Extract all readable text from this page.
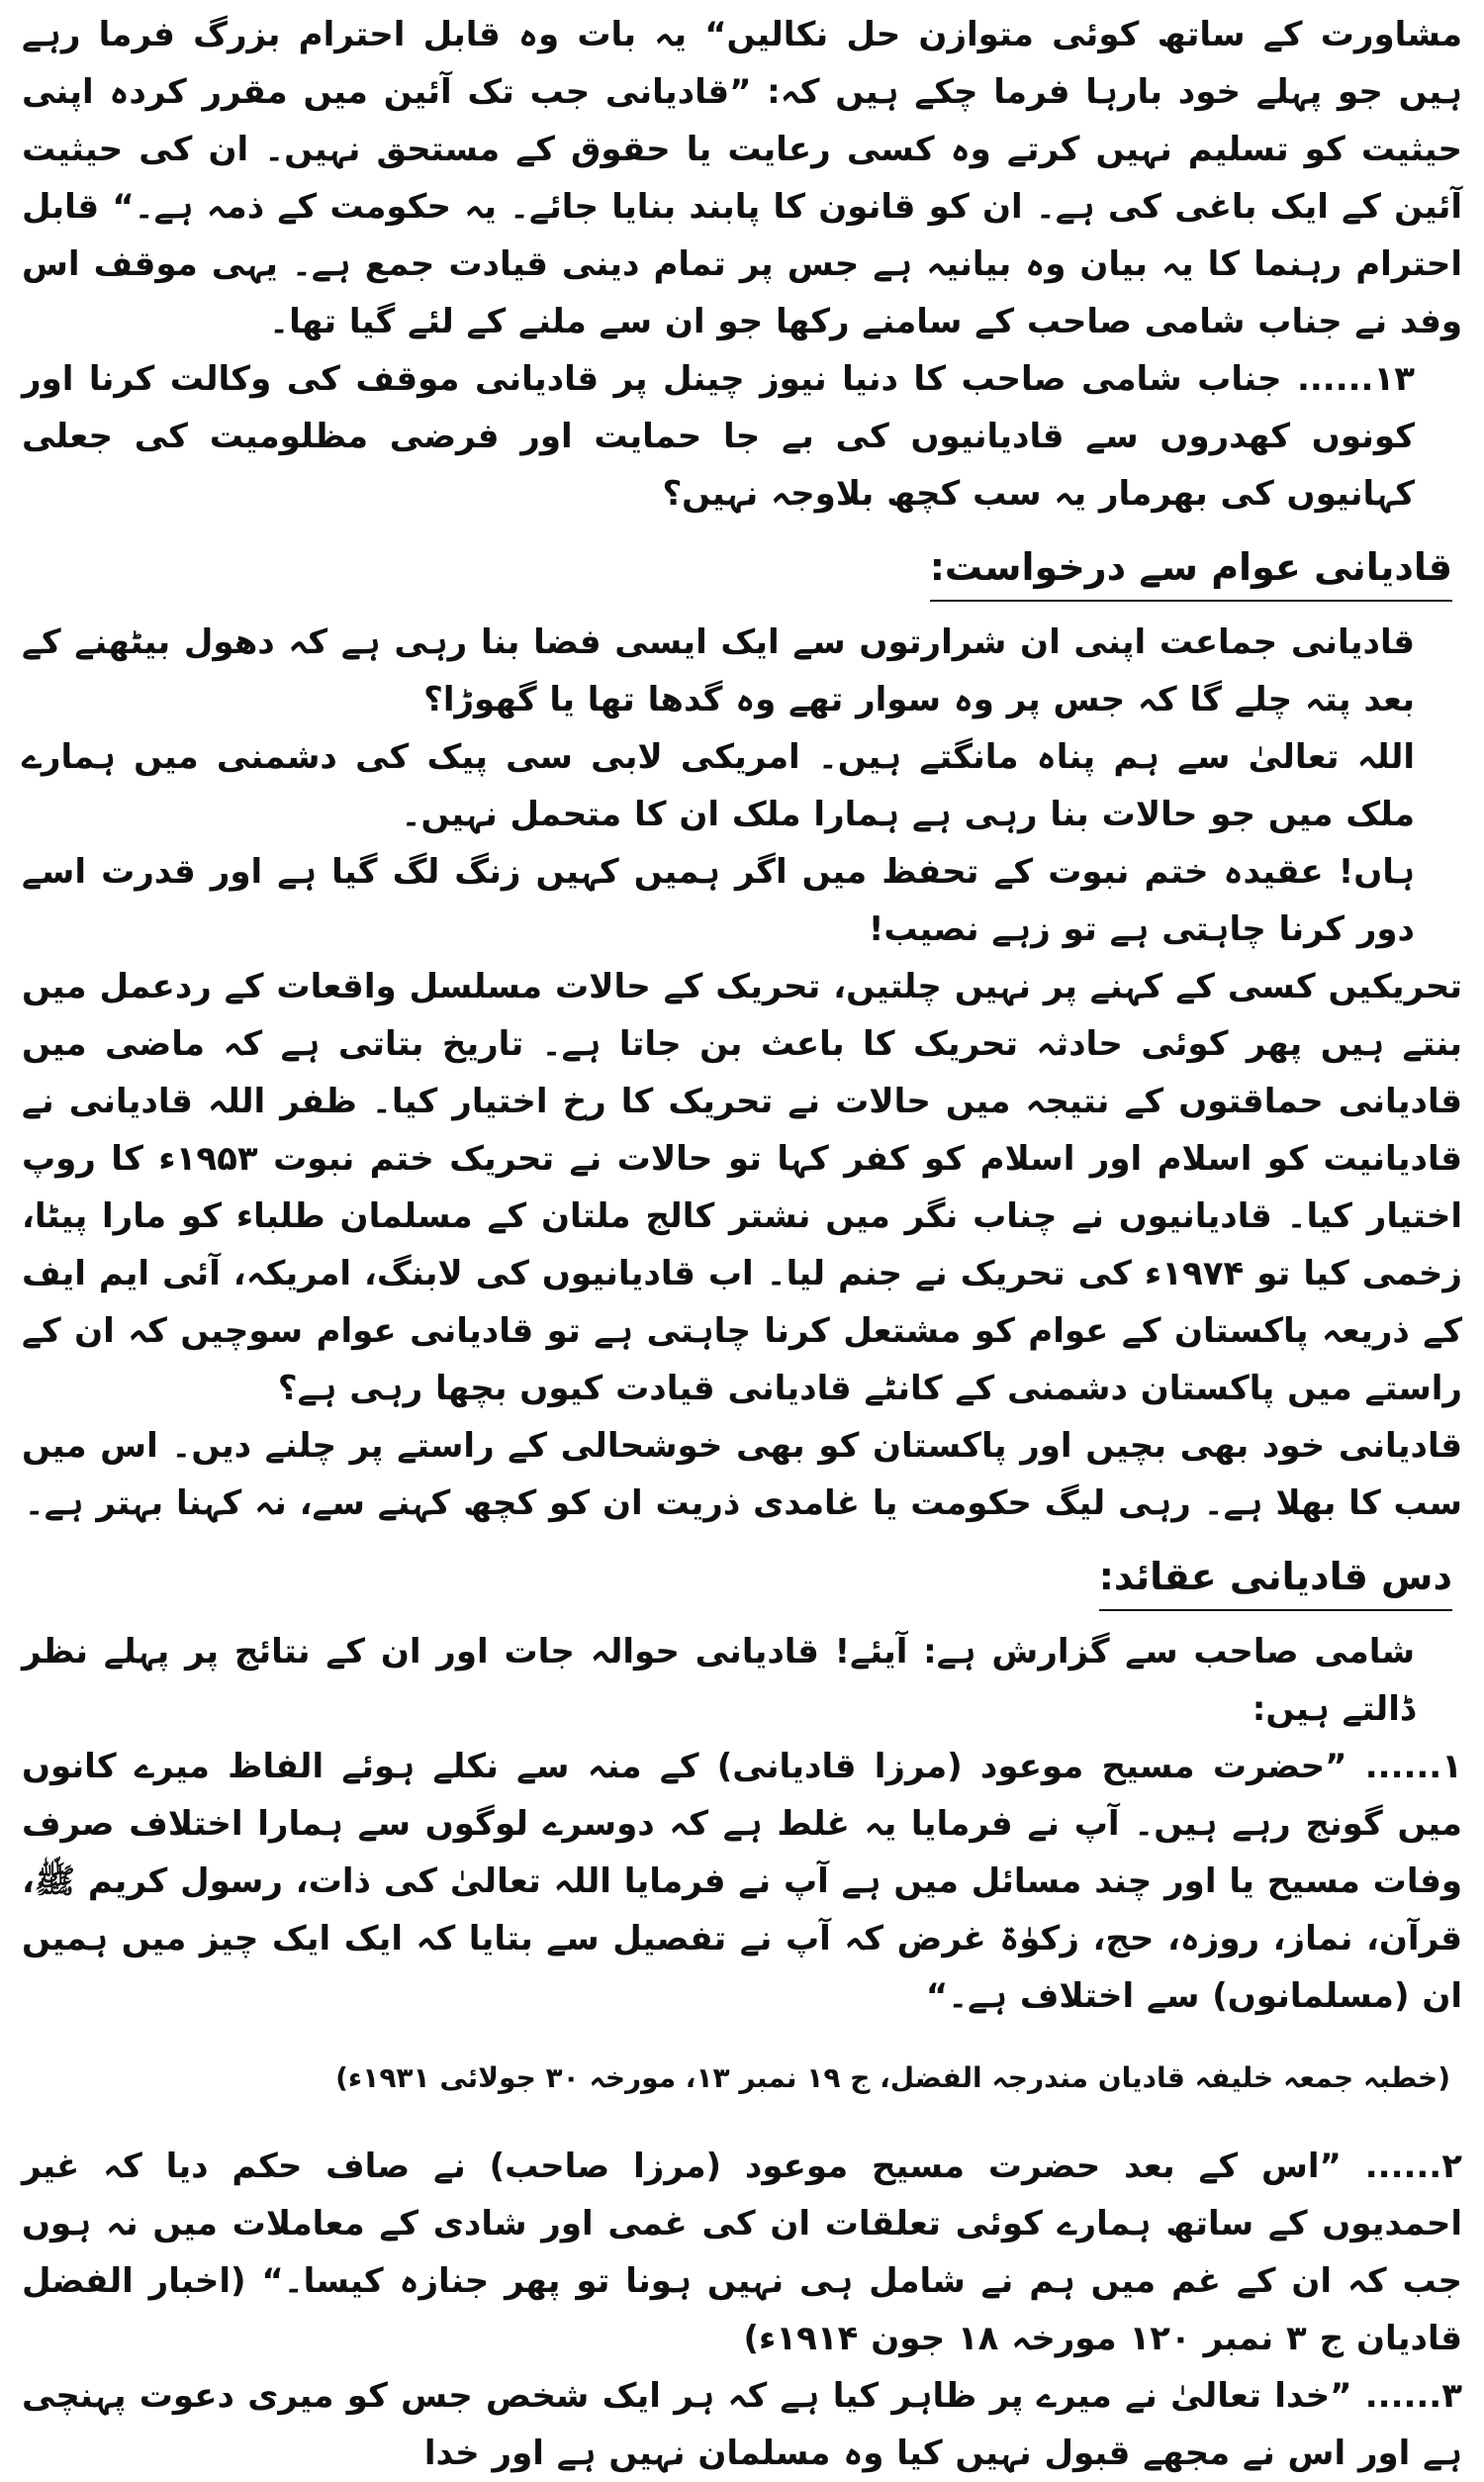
مشاورت کے ساتھ کوئی متوازن حل نکالیں“ یہ بات وہ قابل احترام بزرگ فرما رہے ہیں جو پہلے خود بارہا فرما چکے ہیں کہ: ”قادیانی جب تک آئین میں مقرر کردہ اپنی حیثیت کو تسلیم نہیں کرتے وہ کسی رعایت یا حقوق کے مستحق نہیں۔ ان کی حیثیت آئین کے ایک باغی کی ہے۔ ان کو قانون کا پابند بنایا جائے۔ یہ حکومت کے ذمہ ہے۔“ قابل احترام رہنما کا یہ بیان وہ بیانیہ ہے جس پر تمام دینی قیادت جمع ہے۔ یہی موقف اس وفد نے جناب شامی صاحب کے سامنے رکھا جو ان سے ملنے کے لئے گیا تھا۔

۱۳...... جناب شامی صاحب کا دنیا نیوز چینل پر قادیانی موقف کی وکالت کرنا اور کونوں کھدروں سے قادیانیوں کی بے جا حمایت اور فرضی مظلومیت کی جعلی کہانیوں کی بھرمار یہ سب کچھ بلاوجہ نہیں؟

قادیانی عوام سے درخواست:

قادیانی جماعت اپنی ان شرارتوں سے ایک ایسی فضا بنا رہی ہے کہ دھول بیٹھنے کے بعد پتہ چلے گا کہ جس پر وہ سوار تھے وہ گدھا تھا یا گھوڑا؟

اللہ تعالیٰ سے ہم پناہ مانگتے ہیں۔ امریکی لابی سی پیک کی دشمنی میں ہمارے ملک میں جو حالات بنا رہی ہے ہمارا ملک ان کا متحمل نہیں۔

ہاں! عقیدہ ختم نبوت کے تحفظ میں اگر ہمیں کہیں زنگ لگ گیا ہے اور قدرت اسے دور کرنا چاہتی ہے تو زہے نصیب!

تحریکیں کسی کے کہنے پر نہیں چلتیں، تحریک کے حالات مسلسل واقعات کے ردعمل میں بنتے ہیں پھر کوئی حادثہ تحریک کا باعث بن جاتا ہے۔ تاریخ بتاتی ہے کہ ماضی میں قادیانی حماقتوں کے نتیجہ میں حالات نے تحریک کا رخ اختیار کیا۔ ظفر اللہ قادیانی نے قادیانیت کو اسلام اور اسلام کو کفر کہا تو حالات نے تحریک ختم نبوت ۱۹۵۳ء کا روپ اختیار کیا۔ قادیانیوں نے چناب نگر میں نشتر کالج ملتان کے مسلمان طلباء کو مارا پیٹا، زخمی کیا تو ۱۹۷۴ء کی تحریک نے جنم لیا۔ اب قادیانیوں کی لابنگ، امریکہ، آئی ایم ایف کے ذریعہ پاکستان کے عوام کو مشتعل کرنا چاہتی ہے تو قادیانی عوام سوچیں کہ ان کے راستے میں پاکستان دشمنی کے کانٹے قادیانی قیادت کیوں بچھا رہی ہے؟

قادیانی خود بھی بچیں اور پاکستان کو بھی خوشحالی کے راستے پر چلنے دیں۔ اس میں سب کا بھلا ہے۔ رہی لیگ حکومت یا غامدی ذریت ان کو کچھ کہنے سے، نہ کہنا بہتر ہے۔

دس قادیانی عقائد:

شامی صاحب سے گزارش ہے: آیئے! قادیانی حوالہ جات اور ان کے نتائج پر پہلے نظر ڈالتے ہیں:

۱...... ”حضرت مسیح موعود (مرزا قادیانی) کے منہ سے نکلے ہوئے الفاظ میرے کانوں میں گونج رہے ہیں۔ آپ نے فرمایا یہ غلط ہے کہ دوسرے لوگوں سے ہمارا اختلاف صرف وفات مسیح یا اور چند مسائل میں ہے آپ نے فرمایا اللہ تعالیٰ کی ذات، رسول کریم ﷺ، قرآن، نماز، روزہ، حج، زکوٰۃ غرض کہ آپ نے تفصیل سے بتایا کہ ایک ایک چیز میں ہمیں ان (مسلمانوں) سے اختلاف ہے۔“

(خطبہ جمعہ خلیفہ قادیان مندرجہ الفضل، ج ۱۹ نمبر ۱۳، مورخہ ۳۰ جولائی ۱۹۳۱ء)

۲...... ”اس کے بعد حضرت مسیح موعود (مرزا صاحب) نے صاف حکم دیا کہ غیر احمدیوں کے ساتھ ہمارے کوئی تعلقات ان کی غمی اور شادی کے معاملات میں نہ ہوں جب کہ ان کے غم میں ہم نے شامل ہی نہیں ہونا تو پھر جنازہ کیسا۔“ (اخبار الفضل قادیان ج ۳ نمبر ۱۲۰ مورخہ ۱۸ جون ۱۹۱۴ء)

۳...... ”خدا تعالیٰ نے میرے پر ظاہر کیا ہے کہ ہر ایک شخص جس کو میری دعوت پہنچی ہے اور اس نے مجھے قبول نہیں کیا وہ مسلمان نہیں ہے اور خدا
